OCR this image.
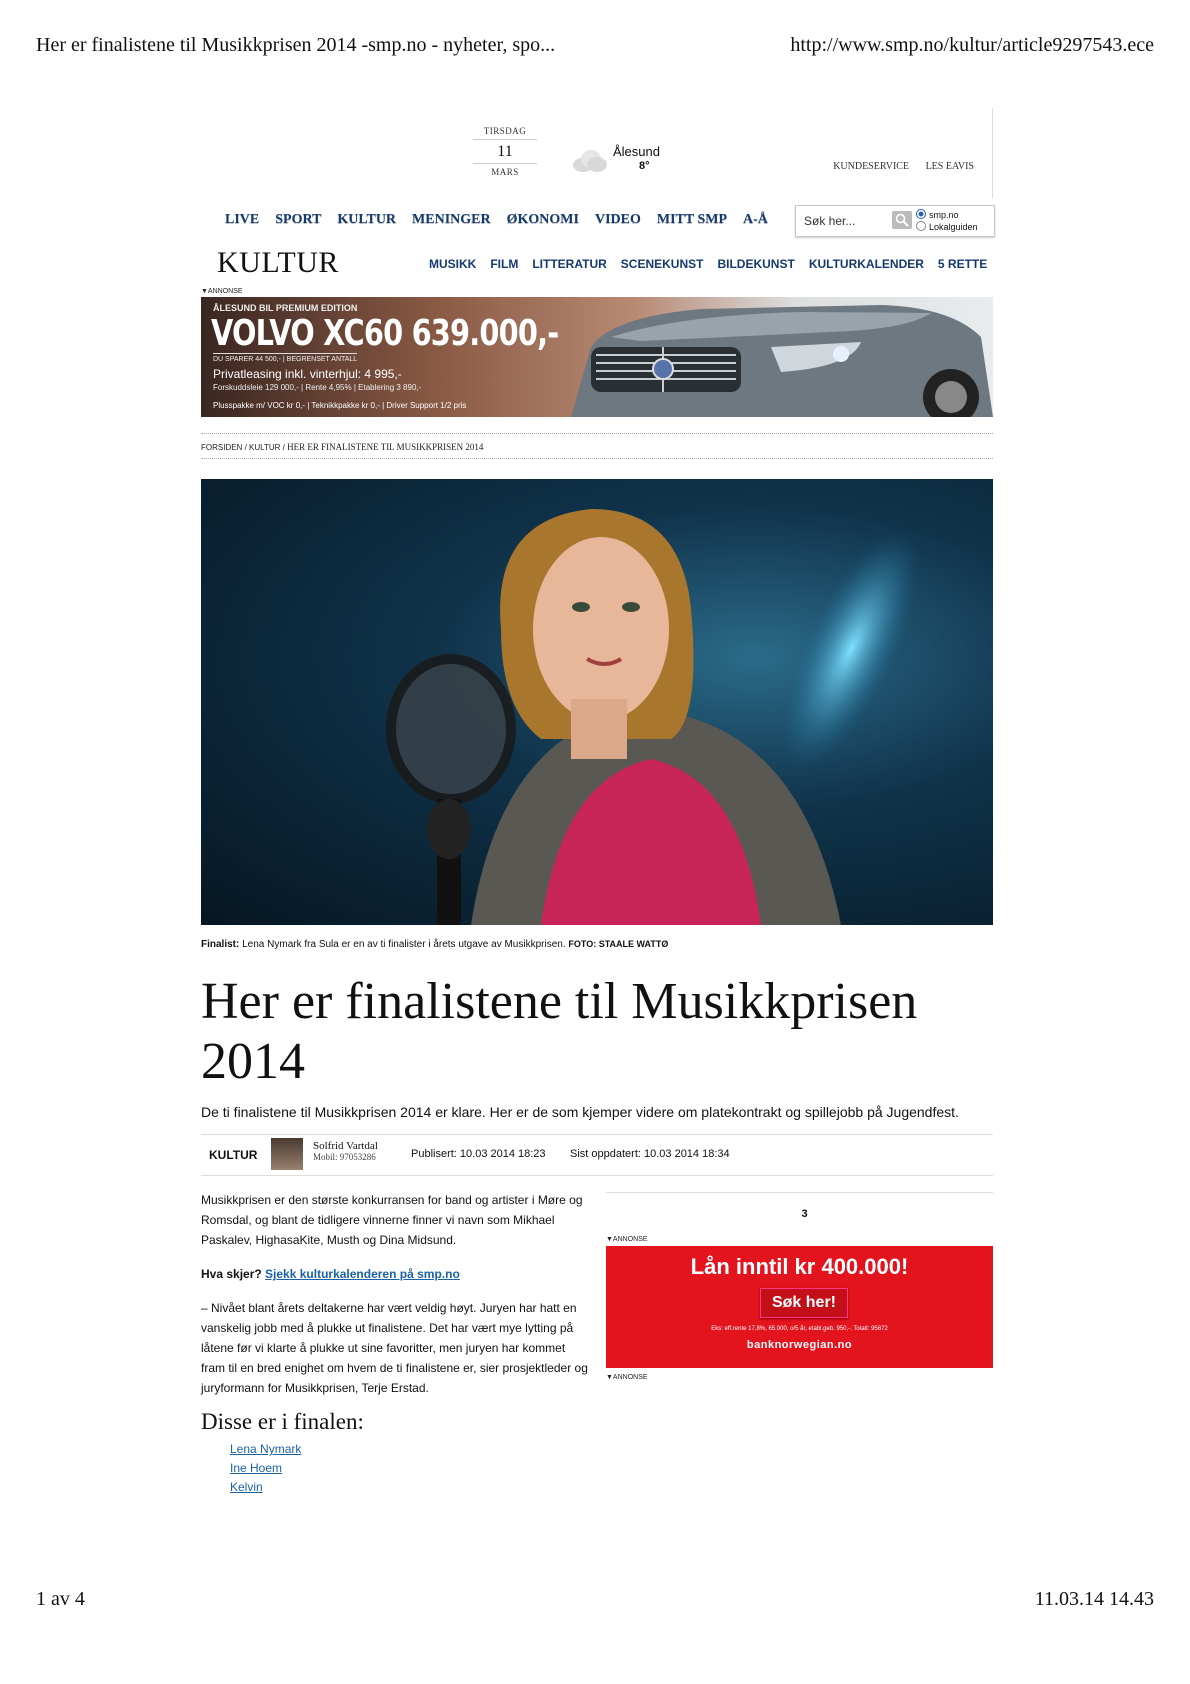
Her er finalistene til Musikkprisen 2014 -smp.no - nyheter, spo...	http://www.smp.no/kultur/article9297543.ece
TIRSDAG
11
MARS
Ålesund
8°	KUNDESERVICE LES EAVIS
LIVE SPORT KULTUR MENINGER ØKONOMI VIDEO MITT SMP A-Å	Søk her...	smp.no
Lokalguiden
KULTUR	MUSIKK FILM LITTERATUR SCENEKUNST BILDEKUNST KULTURKALENDER 5 RETTE
▼ANNONSE
ÅLESUND BIL PREMIUM EDITION
VOLVO XC60 639.000,-
DU SPARER 44 500,- | BEGRENSET ANTALL
Privatleasing inkl. vinterhjul: 4 995,-
Forskuddsleie 129 000,- | Rente 4,95% | Etablering 3 890,-
Plusspakke m/ VOC kr 0,- | Teknikkpakke kr 0,- | Driver Support 1/2 pris
FORSIDEN / KULTUR / HER ER FINALISTENE TIL MUSIKKPRISEN 2014
Finalist: Lena Nymark fra Sula er en av ti finalister i årets utgave av Musikkprisen. FOTO: STAALE WATTØ
Her er finalistene til Musikkprisen 2014
De ti finalistene til Musikkprisen 2014 er klare. Her er de som kjemper videre om platekontrakt og spillejobb på Jugendfest.
KULTUR
Solfrid Vartdal
Mobil: 97053286	Publisert: 10.03 2014 18:23 Sist oppdatert: 10.03 2014 18:34

Musikkprisen er den største konkurransen for band og artister i Møre og Romsdal, og blant de tidligere vinnerne finner vi navn som Mikhael Paskalev, HighasaKite, Musth og Dina Midsund.

Hva skjer? Sjekk kulturkalenderen på smp.no

– Nivået blant årets deltakerne har vært veldig høyt. Juryen har hatt en vanskelig jobb med å plukke ut finalistene. Det har vært mye lytting på låtene før vi klarte å plukke ut sine favoritter, men juryen har kommet fram til en bred enighet om hvem de ti finalistene er, sier prosjektleder og juryformann for Musikkprisen, Terje Erstad.

Disse er i finalen:
Lena Nymark
Ine Hoem
Kelvin
3
▼ANNONSE
Lån inntil kr 400.000!
Søk her!
Eks: eff.rente 17,8%, 65.000, o/5 år, etabl.geb. 950,-. Totalt: 95872
banknorwegian.no
▼ANNONSE
1 av 4	11.03.14 14.43
